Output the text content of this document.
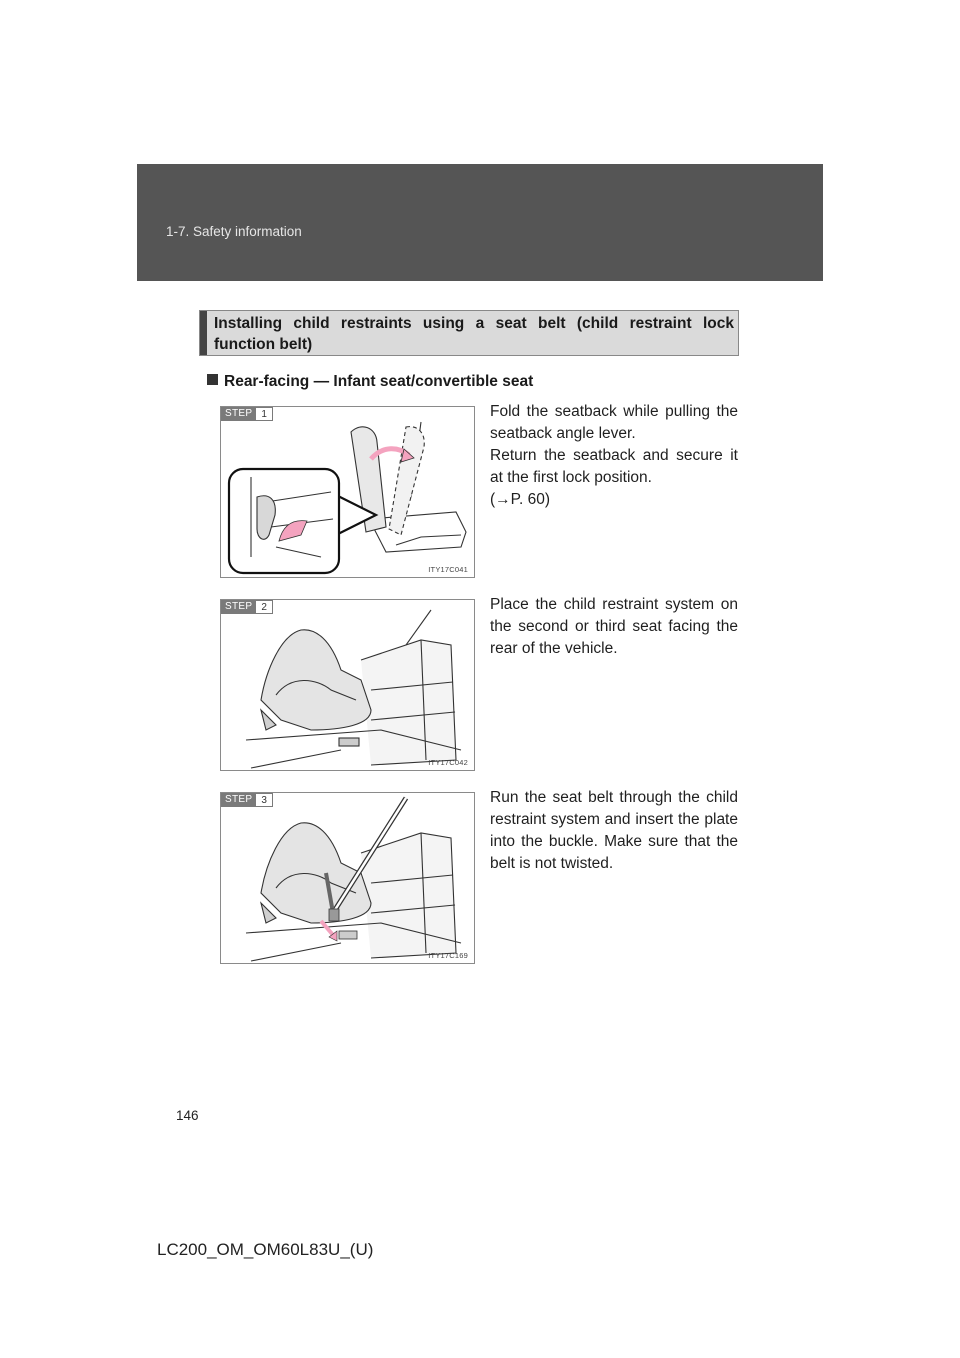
1-7. Safety information
Installing child restraints using a seat belt (child restraint lock function belt)
Rear-facing — Infant seat/convertible seat
STEP 1
ITY17C041
Fold the seatback while pulling the seatback angle lever.
Return the seatback and secure it at the first lock position.
(→P. 60)
STEP 2
ITY17C042
Place the child restraint system on the second or third seat facing the rear of the vehicle.
STEP 3
ITY17C169
Run the seat belt through the child restraint system and insert the plate into the buckle. Make sure that the belt is not twisted.
146
LC200_OM_OM60L83U_(U)
